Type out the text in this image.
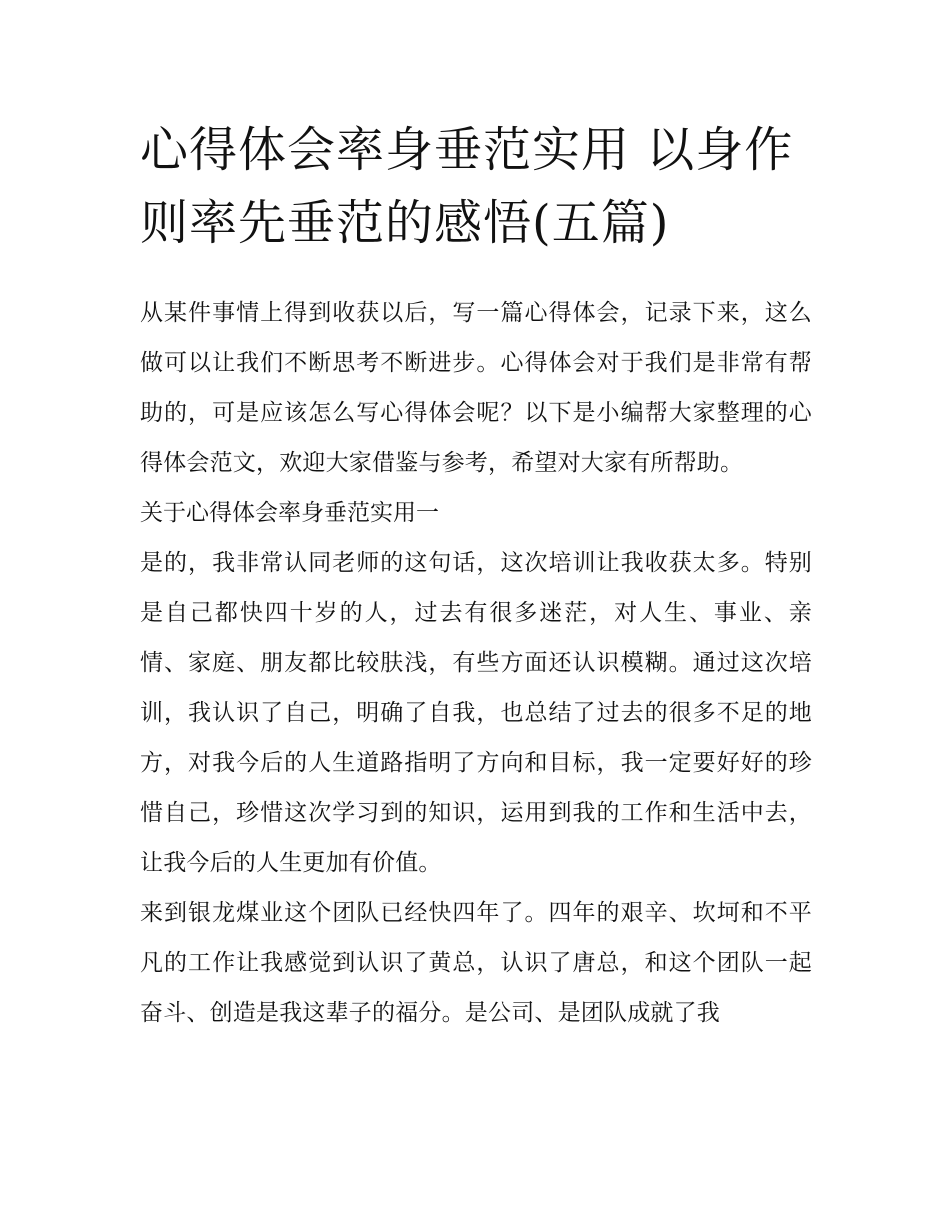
心得体会率身垂范实用 以身作则率先垂范的感悟(五篇)

从某件事情上得到收获以后，写一篇心得体会，记录下来，这么做可以让我们不断思考不断进步。心得体会对于我们是非常有帮助的，可是应该怎么写心得体会呢？以下是小编帮大家整理的心得体会范文，欢迎大家借鉴与参考，希望对大家有所帮助。

关于心得体会率身垂范实用一

是的，我非常认同老师的这句话，这次培训让我收获太多。特别是自己都快四十岁的人，过去有很多迷茫，对人生、事业、亲情、家庭、朋友都比较肤浅，有些方面还认识模糊。通过这次培训，我认识了自己，明确了自我，也总结了过去的很多不足的地方，对我今后的人生道路指明了方向和目标，我一定要好好的珍惜自己，珍惜这次学习到的知识，运用到我的工作和生活中去，让我今后的人生更加有价值。

来到银龙煤业这个团队已经快四年了。四年的艰辛、坎坷和不平凡的工作让我感觉到认识了黄总，认识了唐总，和这个团队一起奋斗、创造是我这辈子的福分。是公司、是团队成就了我
